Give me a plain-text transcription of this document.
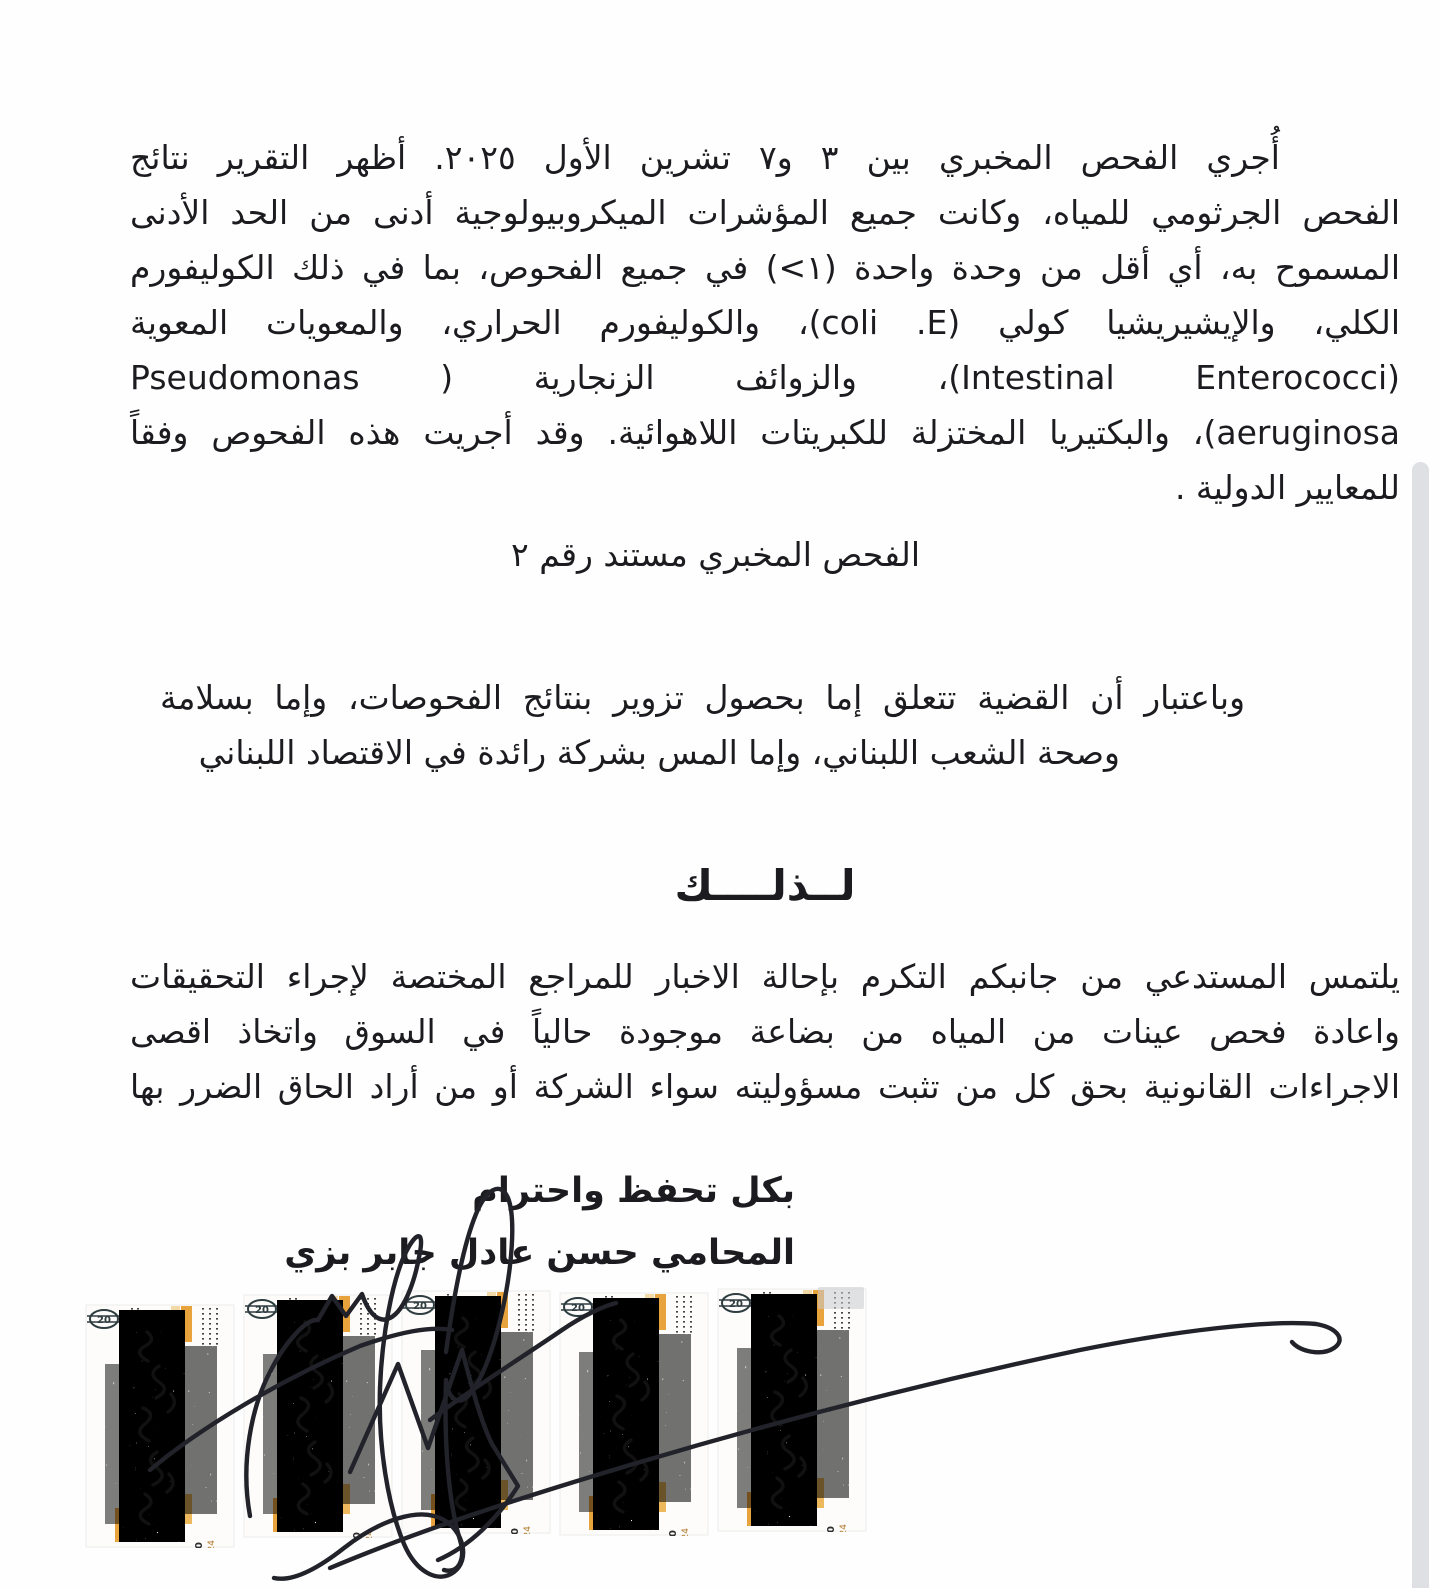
أُجري الفحص المخبري بين ٣ و٧ تشرين الأول ٢٠٢٥. أظهر التقرير نتائج
الفحص الجرثومي للمياه، وكانت جميع المؤشرات الميكروبيولوجية أدنى من الحد الأدنى
المسموح به، أي أقل من وحدة واحدة ⁦(<١)⁩ في جميع الفحوص، بما في ذلك الكوليفورم
الكلي، والإيشيريشيا كولي (coli .E)، والكوليفورم الحراري، والمعويات المعوية
(Intestinal Enterococci)، والزوائف الزنجارية ( Pseudomonas
aeruginosa)، والبكتيريا المختزلة للكبريتات اللاهوائية. وقد أجريت هذه الفحوص وفقاً
للمعايير الدولية .
الفحص المخبري مستند رقم ٢
وباعتبار أن القضية تتعلق إما بحصول تزوير بنتائج الفحوصات، وإما بسلامة
وصحة الشعب اللبناني، وإما المس بشركة رائدة في الاقتصاد اللبناني
لــذلــــك
يلتمس المستدعي من جانبكم التكرم بإحالة الاخبار للمراجع المختصة لإجراء التحقيقات
واعادة فحص عينات من المياه من بضاعة موجودة حالياً في السوق واتخاذ اقصى
الاجراءات القانونية بحق كل من تثبت مسؤوليته سواء الشركة أو من أراد الحاق الضرر بها
بكل تحفظ واحترام
المحامي حسن عادل جابر بزي
